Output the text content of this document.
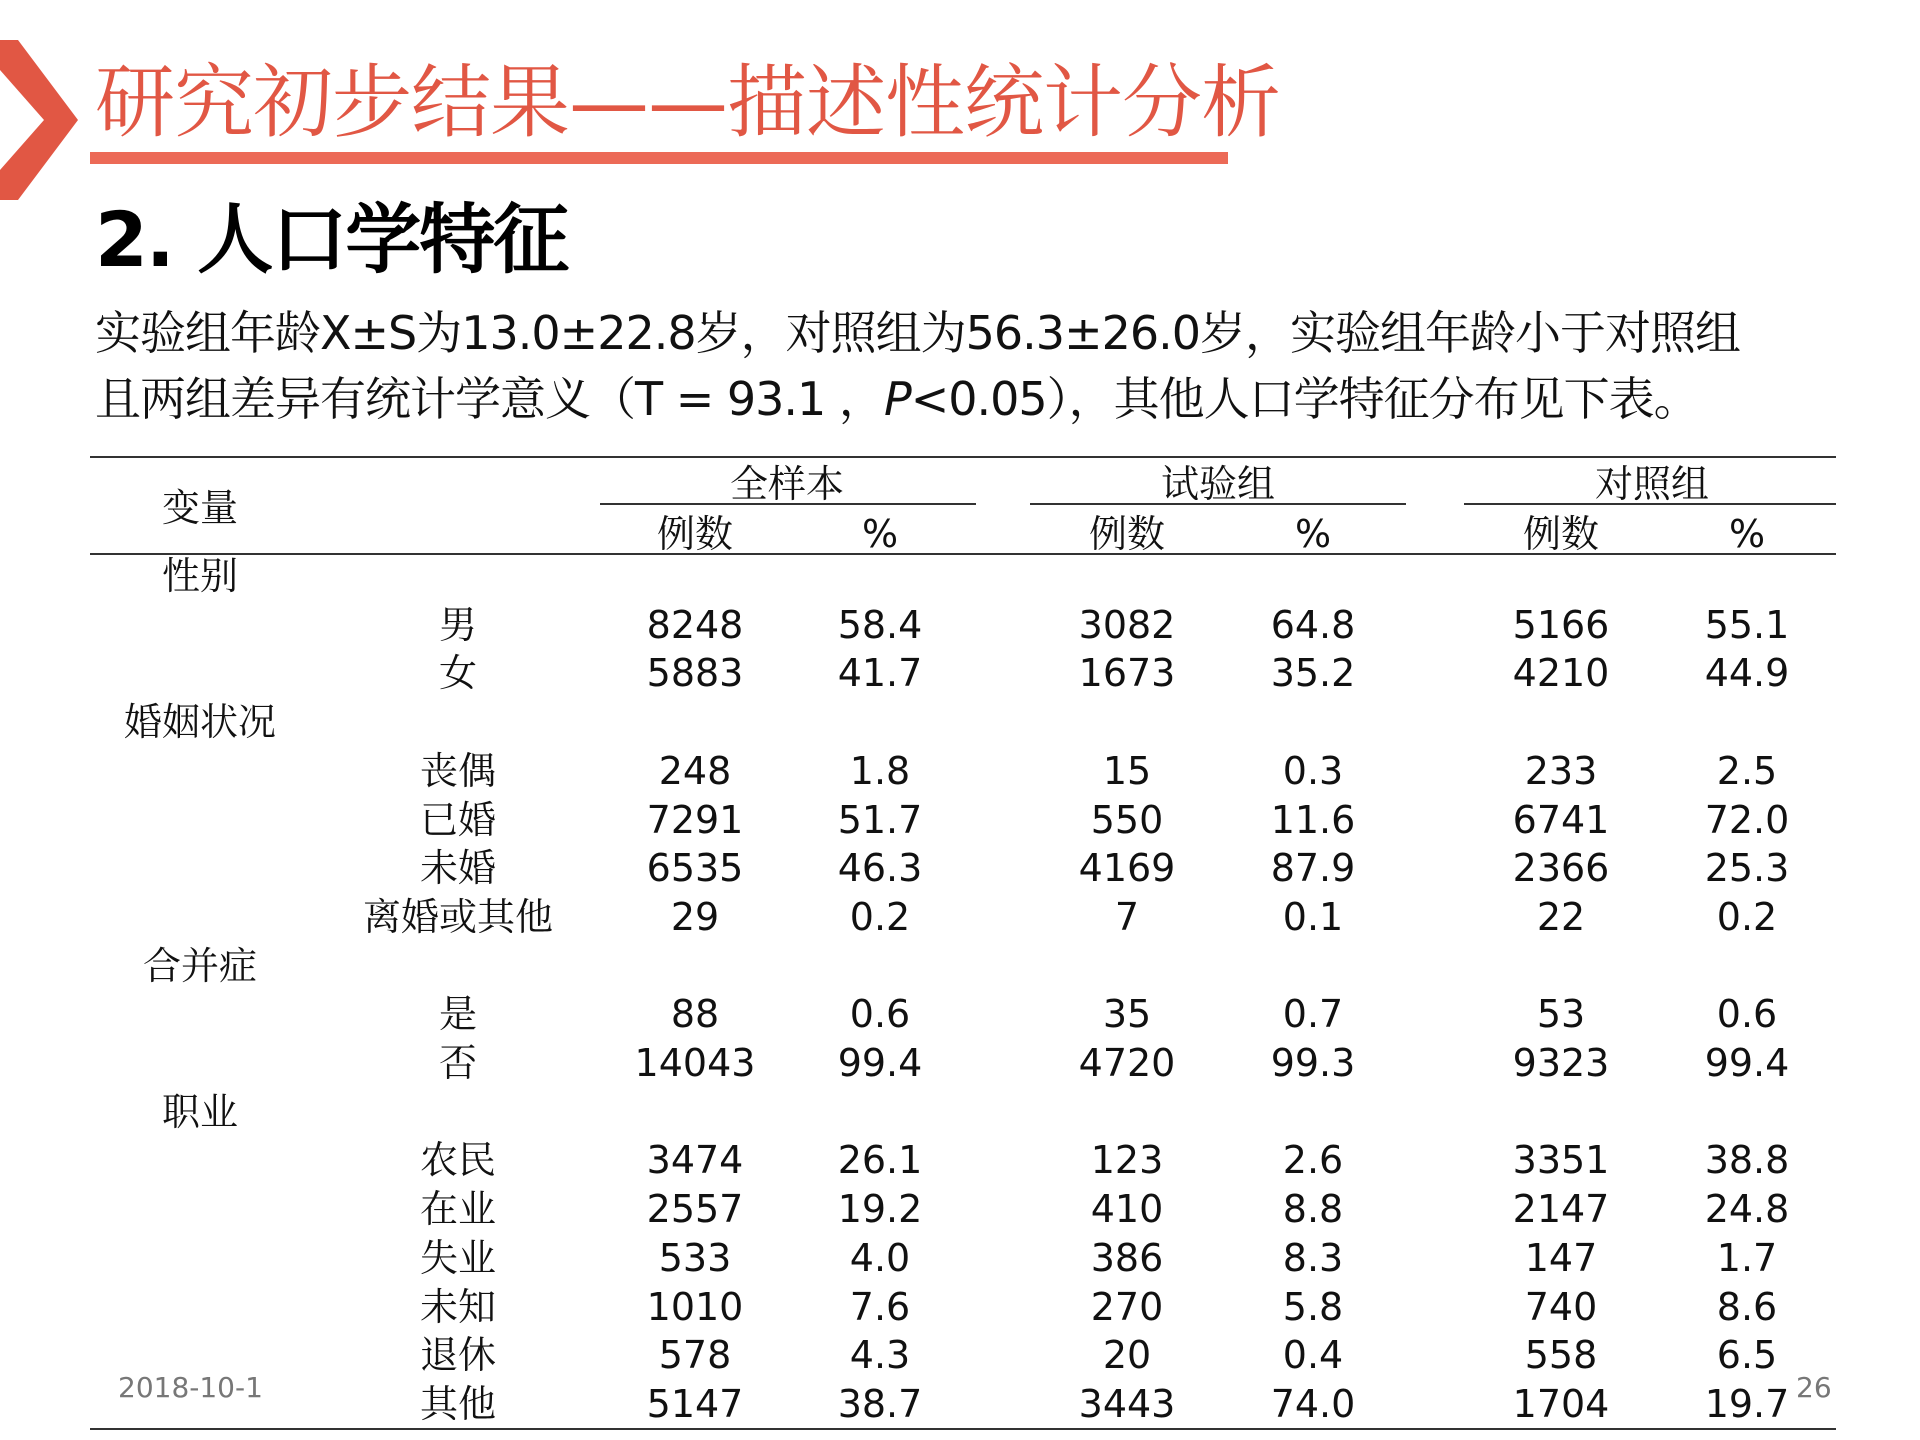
研究初步结果——描述性统计分析
2. 人口学特征
实验组年龄X±S为13.0±22.8岁，对照组为56.3±26.0岁，实验组年龄小于对照组
且两组差异有统计学意义（T = 93.1 ，P<0.05），其他人口学特征分布见下表。
变量
全样本	试验组	对照组
例数	%	例数	%	例数	%
性别
男	8248	58.4	3082	64.8	5166	55.1
女	5883	41.7	1673	35.2	4210	44.9
婚姻状况
丧偶	248	1.8	15	0.3	233	2.5
已婚	7291	51.7	550	11.6	6741	72.0
未婚	6535	46.3	4169	87.9	2366	25.3
离婚或其他	29	0.2	7	0.1	22	0.2
合并症
是	88	0.6	35	0.7	53	0.6
否	14043	99.4	4720	99.3	9323	99.4
职业
农民	3474	26.1	123	2.6	3351	38.8
在业	2557	19.2	410	8.8	2147	24.8
失业	533	4.0	386	8.3	147	1.7
未知	1010	7.6	270	5.8	740	8.6
退休	578	4.3	20	0.4	558	6.5
其他	5147	38.7	3443	74.0	1704	19.7
2018-10-1	26
